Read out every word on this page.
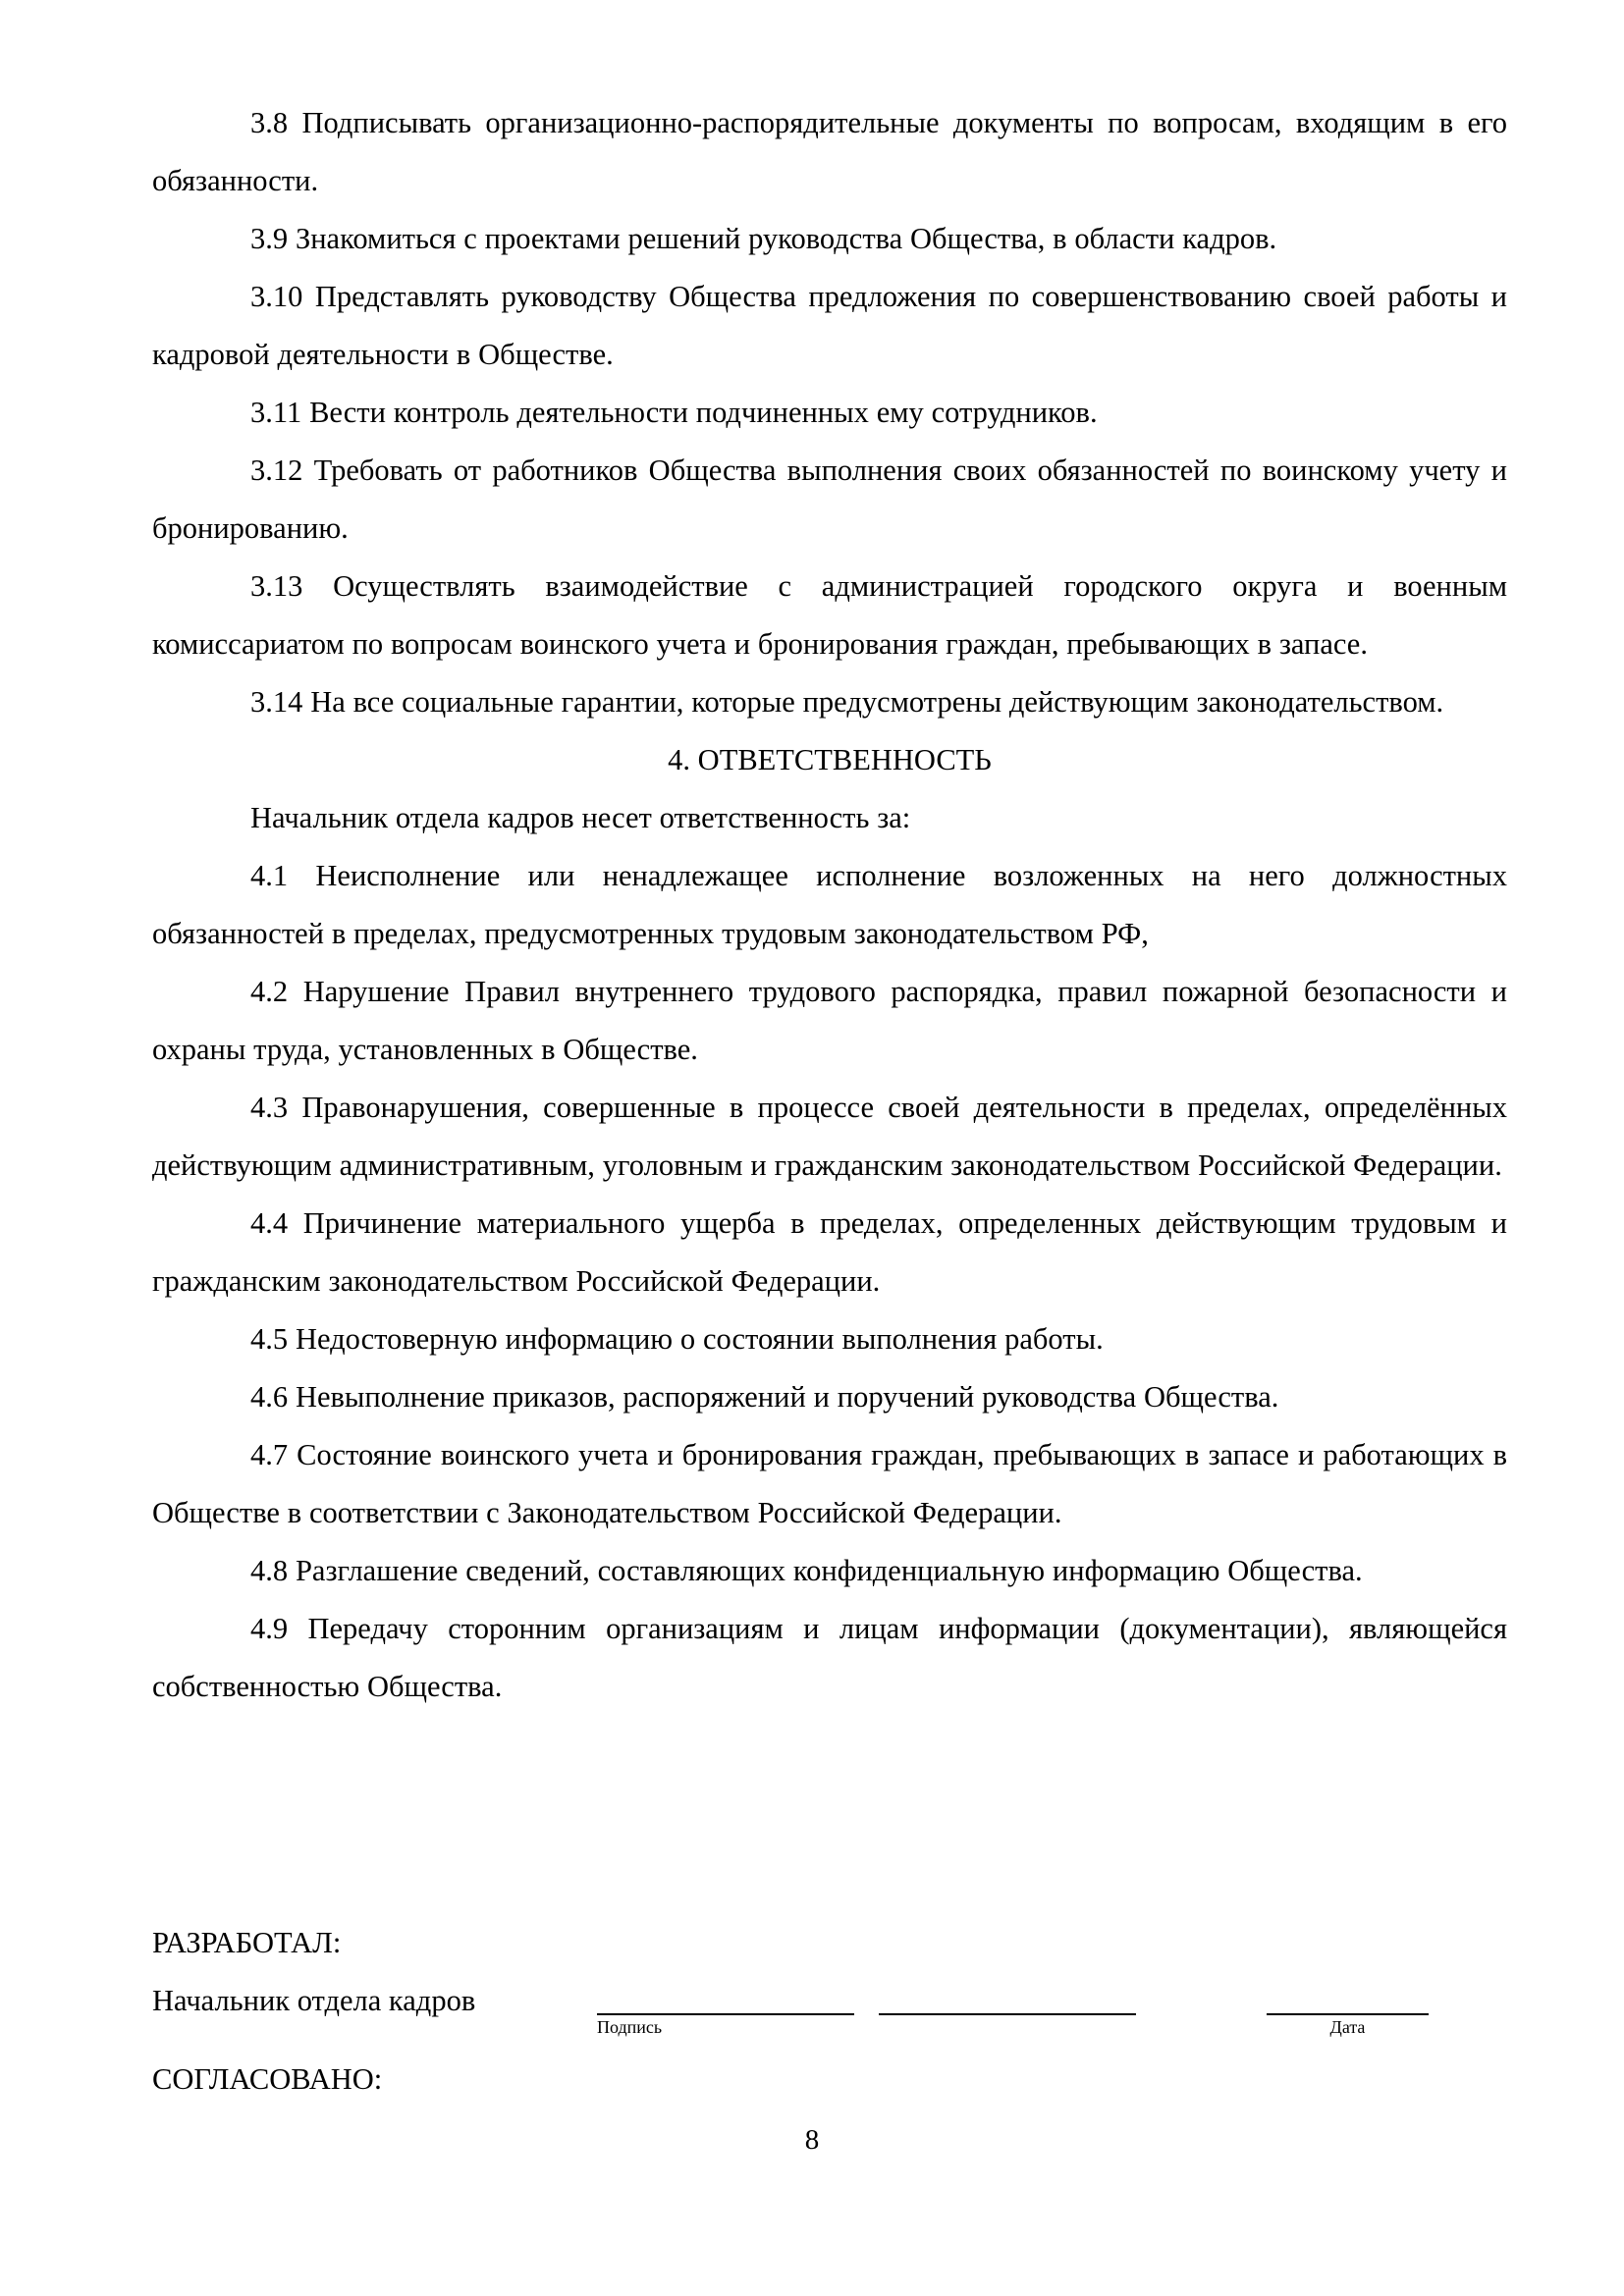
3.8 Подписывать организационно-распорядительные документы по вопросам, входящим в его обязанности.

3.9 Знакомиться с проектами решений руководства Общества, в области кадров.

3.10 Представлять руководству Общества предложения по совершенствованию своей работы и кадровой деятельности в Обществе.

3.11 Вести контроль деятельности подчиненных ему сотрудников.

3.12 Требовать от работников Общества выполнения своих обязанностей по воинскому учету и бронированию.

3.13 Осуществлять взаимодействие с администрацией городского округа и военным комиссариатом по вопросам воинского учета и бронирования граждан, пребывающих в запасе.

3.14 На все социальные гарантии, которые предусмотрены действующим законодательством.

4. ОТВЕТСТВЕННОСТЬ

Начальник отдела кадров несет ответственность за:

4.1 Неисполнение или ненадлежащее исполнение возложенных на него должностных обязанностей в пределах, предусмотренных трудовым законодательством РФ,

4.2 Нарушение Правил внутреннего трудового распорядка, правил пожарной безопасности и охраны труда, установленных в Обществе.

4.3 Правонарушения, совершенные в процессе своей деятельности в пределах, определённых действующим административным, уголовным и гражданским законодательством Российской Федерации.

4.4 Причинение материального ущерба в пределах, определенных действующим трудовым и гражданским законодательством Российской Федерации.

4.5 Недостоверную информацию о состоянии выполнения работы.

4.6 Невыполнение приказов, распоряжений и поручений руководства Общества.

4.7 Состояние воинского учета и бронирования граждан, пребывающих в запасе и работающих в Обществе в соответствии с Законодательством Российской Федерации.

4.8 Разглашение сведений, составляющих конфиденциальную информацию Общества.

4.9 Передачу сторонним организациям и лицам информации (документации), являющейся собственностью Общества.

РАЗРАБОТАЛ:
Начальник отдела кадров
Подпись	Дата
СОГЛАСОВАНО:
8
